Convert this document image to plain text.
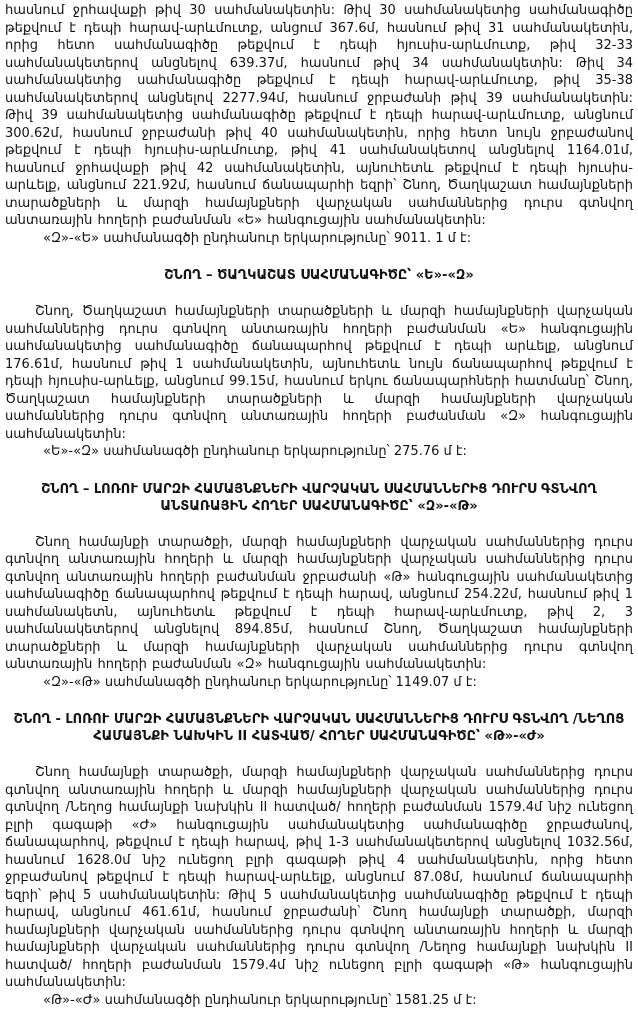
հասնում ջրհավաքի թիվ 30 սահմանակետին: Թիվ 30 սահմանակետից սահմանագիծը թեքվում է դեպի հարավ-արևմուտք, անցում 367.6մ, հասնում թիվ 31 սահմանակետին, որից հետո սահմանագիծը թեքվում է դեպի հյուսիս-արևմուտք, թիվ 32-33 սահմանակետերով անցնելով 639.37մ, հասնում թիվ 34 սահմանակետին: Թիվ 34 սահմանակետից սահմանագիծը թեքվում է դեպի հարավ-արևմուտք, թիվ 35-38 սահմանակետերով անցնելով 2277.94մ, հասնում ջրբաժանի թիվ 39 սահմանակետին: Թիվ 39 սահմանակետից սահմանագիծը թեքվում է դեպի հարավ-արևմուտք, անցնում 300.62մ, հասնում ջրբաժանի թիվ 40 սահմանակետին, որից հետո նույն ջրբաժանով թեքվում է դեպի հյուսիս-արևմուտք, թիվ 41 սահմանակետով անցնելով 1164.01մ, հասնում ջրհավաքի թիվ 42 սահմանակետին, այնուհետև թեքվում է դեպի հյուսիս-արևելք, անցնում 221.92մ, հասնում ճանապարհի եզրի՝ Շնող, Ծաղկաշատ համայնքների տարածքների և մարզի համայնքների վարչական սահմաններից դուրս գտնվող անտառային հողերի բաժանման «Ե» հանգուցային սահմանակետին:

«Զ»-«Ե» սահմանագծի ընդհանուր երկարությունը՝ 9011. 1 մ է:

ՇՆՈՂ – ԾԱՂԿԱՇԱՏ ՍԱՀՄԱՆԱԳԻԾԸ՝ «Ե»-«Զ»

Շնող, Ծաղկաշատ համայնքների տարածքների և մարզի համայնքների վարչական սահմաններից դուրս գտնվող անտառային հողերի բաժանման «Ե» հանգուցային սահմանակետից սահմանագիծը ճանապարհով թեքվում է դեպի արևելք, անցնում 176.61մ, հասնում թիվ 1 սահմանակետին, այնուհետև նույն ճանապարհով թեքվում է դեպի հյուսիս-արևելք, անցնում 99.15մ, հասնում երկու ճանապարհների հատմանը՝ Շնող, Ծաղկաշատ համայնքների տարածքների և մարզի համայնքների վարչական սահմաններից դուրս գտնվող անտառային հողերի բաժանման «Զ» հանգուցային սահմանակետին:

«Ե»-«Զ» սահմանագծի ընդհանուր երկարությունը՝ 275.76 մ է:

ՇՆՈՂ – ԼՈՌՈՒ ՄԱՐԶԻ ՀԱՄԱՅՆՔՆԵՐԻ ՎԱՐՉԱԿԱՆ ՍԱՀՄԱՆՆԵՐԻՑ ԴՈՒՐՍ ԳՏՆՎՈՂ ԱՆՏԱՌԱՅԻՆ ՀՈՂԵՐ ՍԱՀՄԱՆԱԳԻԾԸ՝ «Զ»-«Թ»

Շնող համայնքի տարածքի, մարզի համայնքների վարչական սահմաններից դուրս գտնվող անտառային հողերի և մարզի համայնքների վարչական սահմաններից դուրս գտնվող անտառային հողերի բաժանման ջրբաժանի «Թ» հանգուցային սահմանակետից սահմանագիծը ճանապարհով թեքվում է դեպի հարավ, անցնում 254.22մ, հասնում թիվ 1 սահմանակետն, այնուհետև թեքվում է դեպի հարավ-արևմուտք, թիվ 2, 3 սահմանակետերով անցնելով 894.85մ, հասնում Շնող, Ծաղկաշատ համայնքների տարածքների և մարզի համայնքների վարչական սահմաններից դուրս գտնվող անտառային հողերի բաժանման «Զ» հանգուցային սահմանակետին:

«Զ»-«Թ» սահմանագծի ընդհանուր երկարությունը՝ 1149.07 մ է:

ՇՆՈՂ - ԼՈՌՈՒ ՄԱՐԶԻ ՀԱՄԱՅՆՔՆԵՐԻ ՎԱՐՉԱԿԱՆ ՍԱՀՄԱՆՆԵՐԻՑ ԴՈՒՐՍ ԳՏՆՎՈՂ /ՆԵՂՈՑ ՀԱՄԱՅՆՔԻ ՆԱԽԿԻՆ II ՀԱՏՎԱԾ/ ՀՈՂԵՐ ՍԱՀՄԱՆԱԳԻԾԸ՝ «Թ»-«Ժ»

Շնող համայնքի տարածքի, մարզի համայնքների վարչական սահմաններից դուրս գտնվող անտառային հողերի և մարզի համայնքների վարչական սահմաններից դուրս գտնվող /Նեղոց համայնքի նախկին II հատված/ հողերի բաժանման 1579.4մ նիշ ունեցող բլրի գագաթի «Ժ» հանգուցային սահմանակետից սահմանագիծը ջրբաժանով, ճանապարհով, թեքվում է դեպի հարավ, թիվ 1-3 սահմանակետերով անցնելով 1032.56մ, հասնում 1628.0մ նիշ ունեցող բլրի գագաթի թիվ 4 սահմանակետին, որից հետո ջրբաժանով թեքվում է դեպի հարավ-արևելք, անցնում 87.08մ, հասնում ճանապարհի եզրի՝ թիվ 5 սահմանակետին: Թիվ 5 սահմանակետից սահմանագիծը թեքվում է դեպի հարավ, անցնում 461.61մ, հասնում ջրբաժանի՝ Շնող համայնքի տարածքի, մարզի համայնքների վարչական սահմաններից դուրս գտնվող անտառային հողերի և մարզի համայնքների վարչական սահմաններից դուրս գտնվող /Նեղոց համայնքի նախկին II հատված/ հողերի բաժանման 1579.4մ նիշ ունեցող բլրի գագաթի «Թ» հանգուցային սահմանակետին:

«Թ»-«Ժ» սահմանագծի ընդհանուր երկարությունը՝ 1581.25 մ է:
